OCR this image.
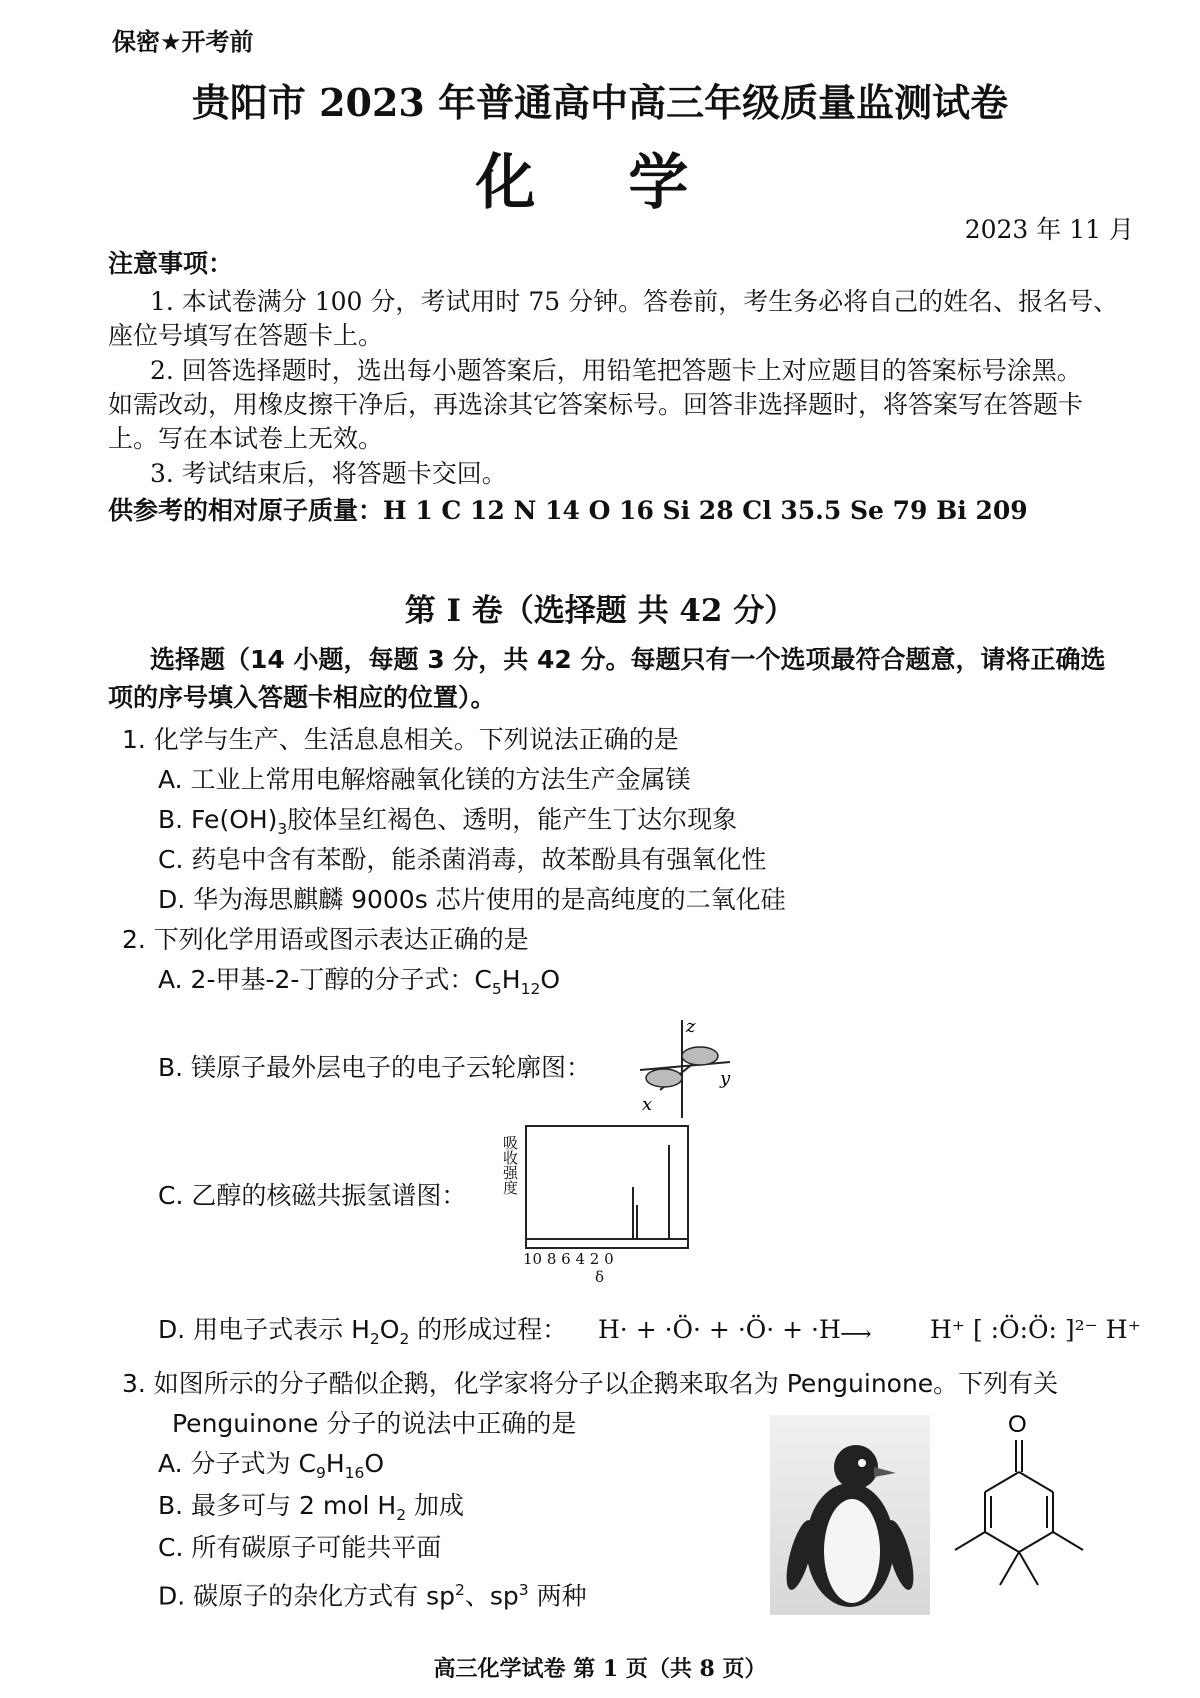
保密★开考前
贵阳市 2023 年普通高中高三年级质量监测试卷
化 学
2023 年 11 月
注意事项：
1. 本试卷满分 100 分，考试用时 75 分钟。答卷前，考生务必将自己的姓名、报名号、
座位号填写在答题卡上。
2. 回答选择题时，选出每小题答案后，用铅笔把答题卡上对应题目的答案标号涂黑。
如需改动，用橡皮擦干净后，再选涂其它答案标号。回答非选择题时，将答案写在答题卡
上。写在本试卷上无效。
3. 考试结束后，将答题卡交回。
供参考的相对原子质量：H 1 C 12 N 14 O 16 Si 28 Cl 35.5 Se 79 Bi 209
第 I 卷（选择题 共 42 分）
选择题（14 小题，每题 3 分，共 42 分。每题只有一个选项最符合题意，请将正确选
项的序号填入答题卡相应的位置）。
1. 化学与生产、生活息息相关。下列说法正确的是
A. 工业上常用电解熔融氧化镁的方法生产金属镁
B. $Fe(OH)_3$胶体呈红褐色、透明，能产生丁达尔现象
C. 药皂中含有苯酚，能杀菌消毒，故苯酚具有强氧化性
D. 华为海思麒麟 9000s 芯片使用的是高纯度的二氧化硅
2. 下列化学用语或图示表达正确的是
A. 2-甲基-2-丁醇的分子式：$C_5H_{12}O$
B. 镁原子最外层电子的电子云轮廓图：
z
y
x
C. 乙醇的核磁共振氢谱图：
吸收强度
10 8 6 4 2 0
δ
D. 用电子式表示 $H_2O_2$ 的形成过程： H· + ·Ö· + ·Ö· + ·H ⟶ H⁺ [ :Ö:Ö: ]²⁻ H⁺
3. 如图所示的分子酷似企鹅，化学家将分子以企鹅来取名为 Penguinone。下列有关
Penguinone 分子的说法中正确的是
A. 分子式为 $C_9H_{16}O$
B. 最多可与 2 mol $H_2$ 加成
C. 所有碳原子可能共平面
D. 碳原子的杂化方式有 $sp^2$、$sp^3$ 两种
O
高三化学试卷 第 1 页（共 8 页）
